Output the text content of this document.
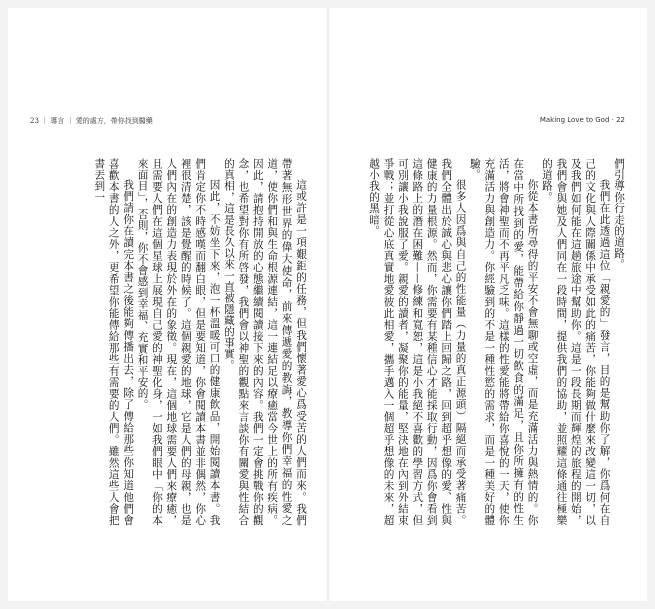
23 ｜ 導言 ｜ 愛的處方，帶你找到醫藥

這或許是一項艱鉅的任務，但我們懷著愛心爲受苦的人們而來。我們帶著無形世界的偉大使命，前來傳遞愛的教誨，教導你們幸福的性愛之道，使你們和與生命根源連結，這一連結足以療癒當今世上的所有疾病。因此，請抱持開放的心態繼續閱讀接下來的內容。我們一定會挑戰你的觀念，也希望對你有所啓發，我們會以神聖的觀點來言談你有關愛與性結合的真相，這是長久以來一直被隱藏的事實。

因此，不妨坐下來，泡一杯溫暖可口的健康飲品，開始閱讀本書。我們肯定你不時感嘆而翻白眼，但是要知道，你會閱讀本書並非偶然，你心裡很清楚，該是覺醒的時候了。這個親愛的地球，它是人們的母親，也是人們內在的創造力表現於外在的象徵。現在，這個地球需要人們來療癒，且需要人們在這個星球上展現自己愛的神聖化身，一如我們眼中「你的本來面目」，否則，你不會感到幸福、充實和平安的。

我們請你在讀完本書之後能夠傳播出去，除了傳給那些你知道他們會喜歡本書的人之外，更希望你能傳給那些有需要的人們。雖然這些人會把書丟到一

Making Love to God · 22

們引導你行走的道路。

我們在此透過這位「親愛的」發言，目的是幫助你了解，你爲何在自己的文化與人際關係中承受如此的痛苦，你能夠做什麼來改變這一切，以及我們如何能在這趟旅途中幫助你。這是一段長期而輝煌的旅程的開始，我們會與她及人們同在一段時間，提供我們的協助，並照耀這條通往極樂的道路。

你從本書所尋得的平安不會無聊或空虛，而是充滿活力與熱情的。你在當中所找到的愛，能帶給你靜過一切飲食的滿足，且你所擁有的性生活，將會神聖而不再平凡乏味。這樣的性愛能將帶給你喜悅的一天，使你充滿活力與創造力。你經驗到的不是一種性慾的需求，而是一種美好的體驗。

很多人因爲與自己的性能量（力量的真正源頭）隔絕而承受著痛苦。我們全體出於誠心與悲心讓你們踏上回歸之路，回到超乎想像的愛、性與健康的力量根源。然而，你需要有某種信心才能採取行動，因爲你會看到這條路上的潛在困難——修練和寬恕，這是小我絕不喜歡的學習方式，但可別讓小我說服了愛。親愛的讀者，凝聚你的能量，堅決地在內到外結束爭戰；並打從心底真實地愛彼此相愛，攜手邁入一個超乎想像的未來，超越小我的黑暗。
